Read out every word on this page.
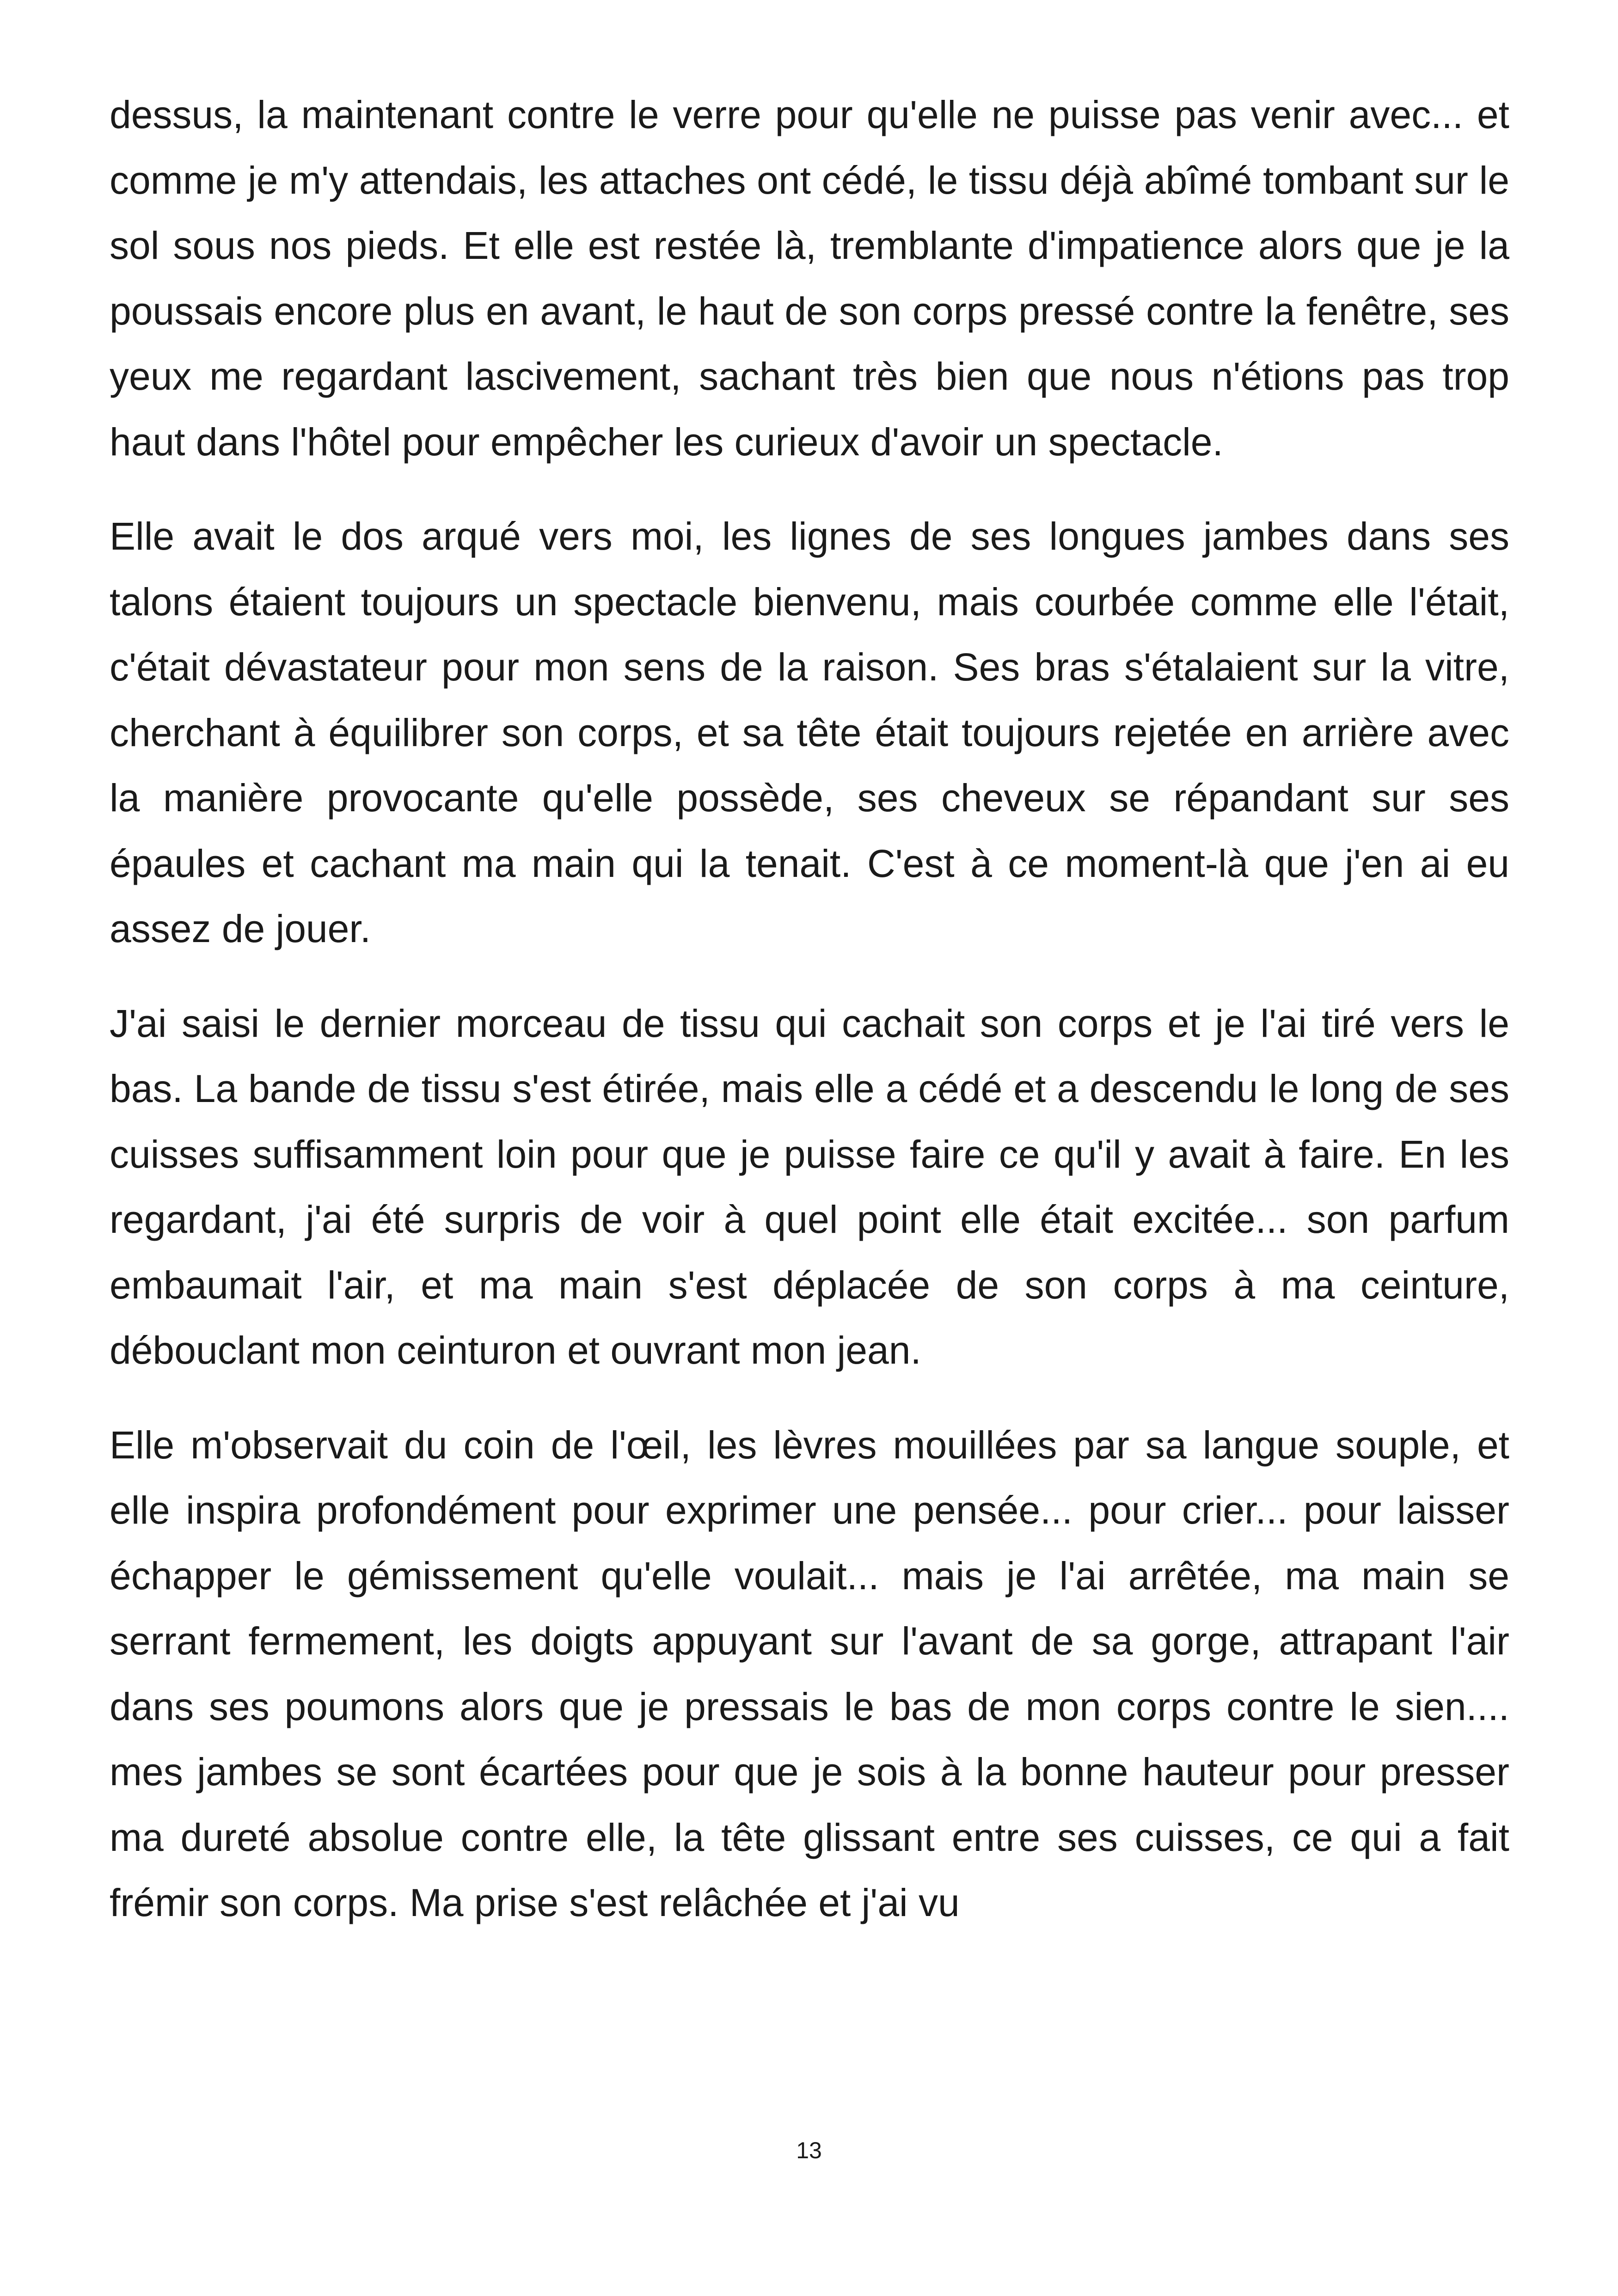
dessus, la maintenant contre le verre pour qu'elle ne puisse pas venir avec... et comme je m'y attendais, les attaches ont cédé, le tissu déjà abîmé tombant sur le sol sous nos pieds. Et elle est restée là, tremblante d'impatience alors que je la poussais encore plus en avant, le haut de son corps pressé contre la fenêtre, ses yeux me regardant lascivement, sachant très bien que nous n'étions pas trop haut dans l'hôtel pour empêcher les curieux d'avoir un spectacle.

Elle avait le dos arqué vers moi, les lignes de ses longues jambes dans ses talons étaient toujours un spectacle bienvenu, mais courbée comme elle l'était, c'était dévastateur pour mon sens de la raison. Ses bras s'étalaient sur la vitre, cherchant à équilibrer son corps, et sa tête était toujours rejetée en arrière avec la manière provocante qu'elle possède, ses cheveux se répandant sur ses épaules et cachant ma main qui la tenait. C'est à ce moment-là que j'en ai eu assez de jouer.

J'ai saisi le dernier morceau de tissu qui cachait son corps et je l'ai tiré vers le bas. La bande de tissu s'est étirée, mais elle a cédé et a descendu le long de ses cuisses suffisamment loin pour que je puisse faire ce qu'il y avait à faire. En les regardant, j'ai été surpris de voir à quel point elle était excitée... son parfum embaumait l'air, et ma main s'est déplacée de son corps à ma ceinture, débouclant mon ceinturon et ouvrant mon jean.

Elle m'observait du coin de l'œil, les lèvres mouillées par sa langue souple, et elle inspira profondément pour exprimer une pensée... pour crier... pour laisser échapper le gémissement qu'elle voulait... mais je l'ai arrêtée, ma main se serrant fermement, les doigts appuyant sur l'avant de sa gorge, attrapant l'air dans ses poumons alors que je pressais le bas de mon corps contre le sien.... mes jambes se sont écartées pour que je sois à la bonne hauteur pour presser ma dureté absolue contre elle, la tête glissant entre ses cuisses, ce qui a fait frémir son corps. Ma prise s'est relâchée et j'ai vu

13
